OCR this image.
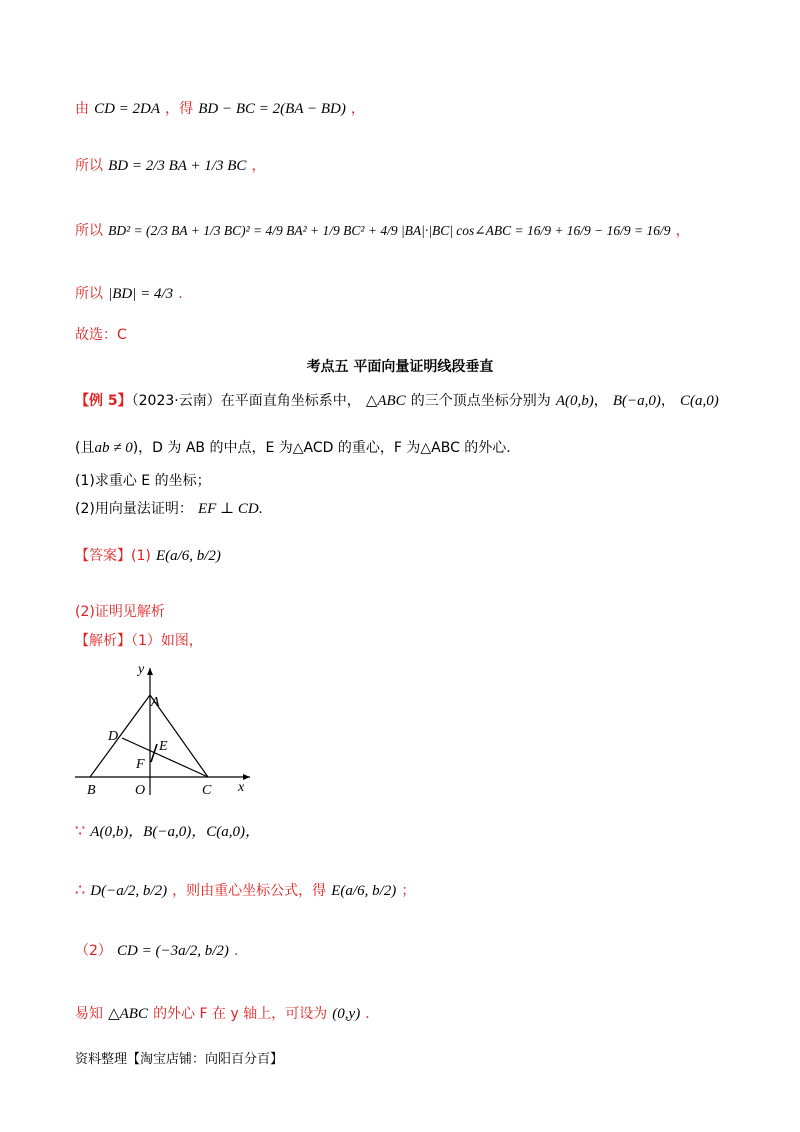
由 CD = 2DA ，得 BD − BC = 2(BA − BD) ，
所以 BD = 2/3 BA + 1/3 BC ，
所以 BD² = (2/3 BA + 1/3 BC)² = 4/9 BA² + 1/9 BC² + 4/9 |BA|·|BC| cos∠ABC = 16/9 + 16/9 − 16/9 = 16/9 ，
所以 |BD| = 4/3 .
故选：C
考点五 平面向量证明线段垂直
【例 5】（2023·云南）在平面直角坐标系中， △ABC 的三个顶点坐标分别为 A(0,b)， B(−a,0)， C(a,0)
(且ab ≠ 0)，D 为 AB 的中点，E 为△ACD 的重心，F 为△ABC 的外心.
(1)求重心 E 的坐标；
(2)用向量法证明： EF ⊥ CD.
【答案】(1) E(a/6, b/2)
(2)证明见解析
【解析】（1）如图，
y
x
A
B	C
D
E
F
O
∵ A(0,b)，B(−a,0)，C(a,0)，
∴ D(−a/2, b/2) ，则由重心坐标公式，得 E(a/6, b/2) ；
（2） CD = (−3a/2, b/2) .
易知 △ABC 的外心 F 在 y 轴上，可设为 (0,y) .
资料整理【淘宝店铺：向阳百分百】
